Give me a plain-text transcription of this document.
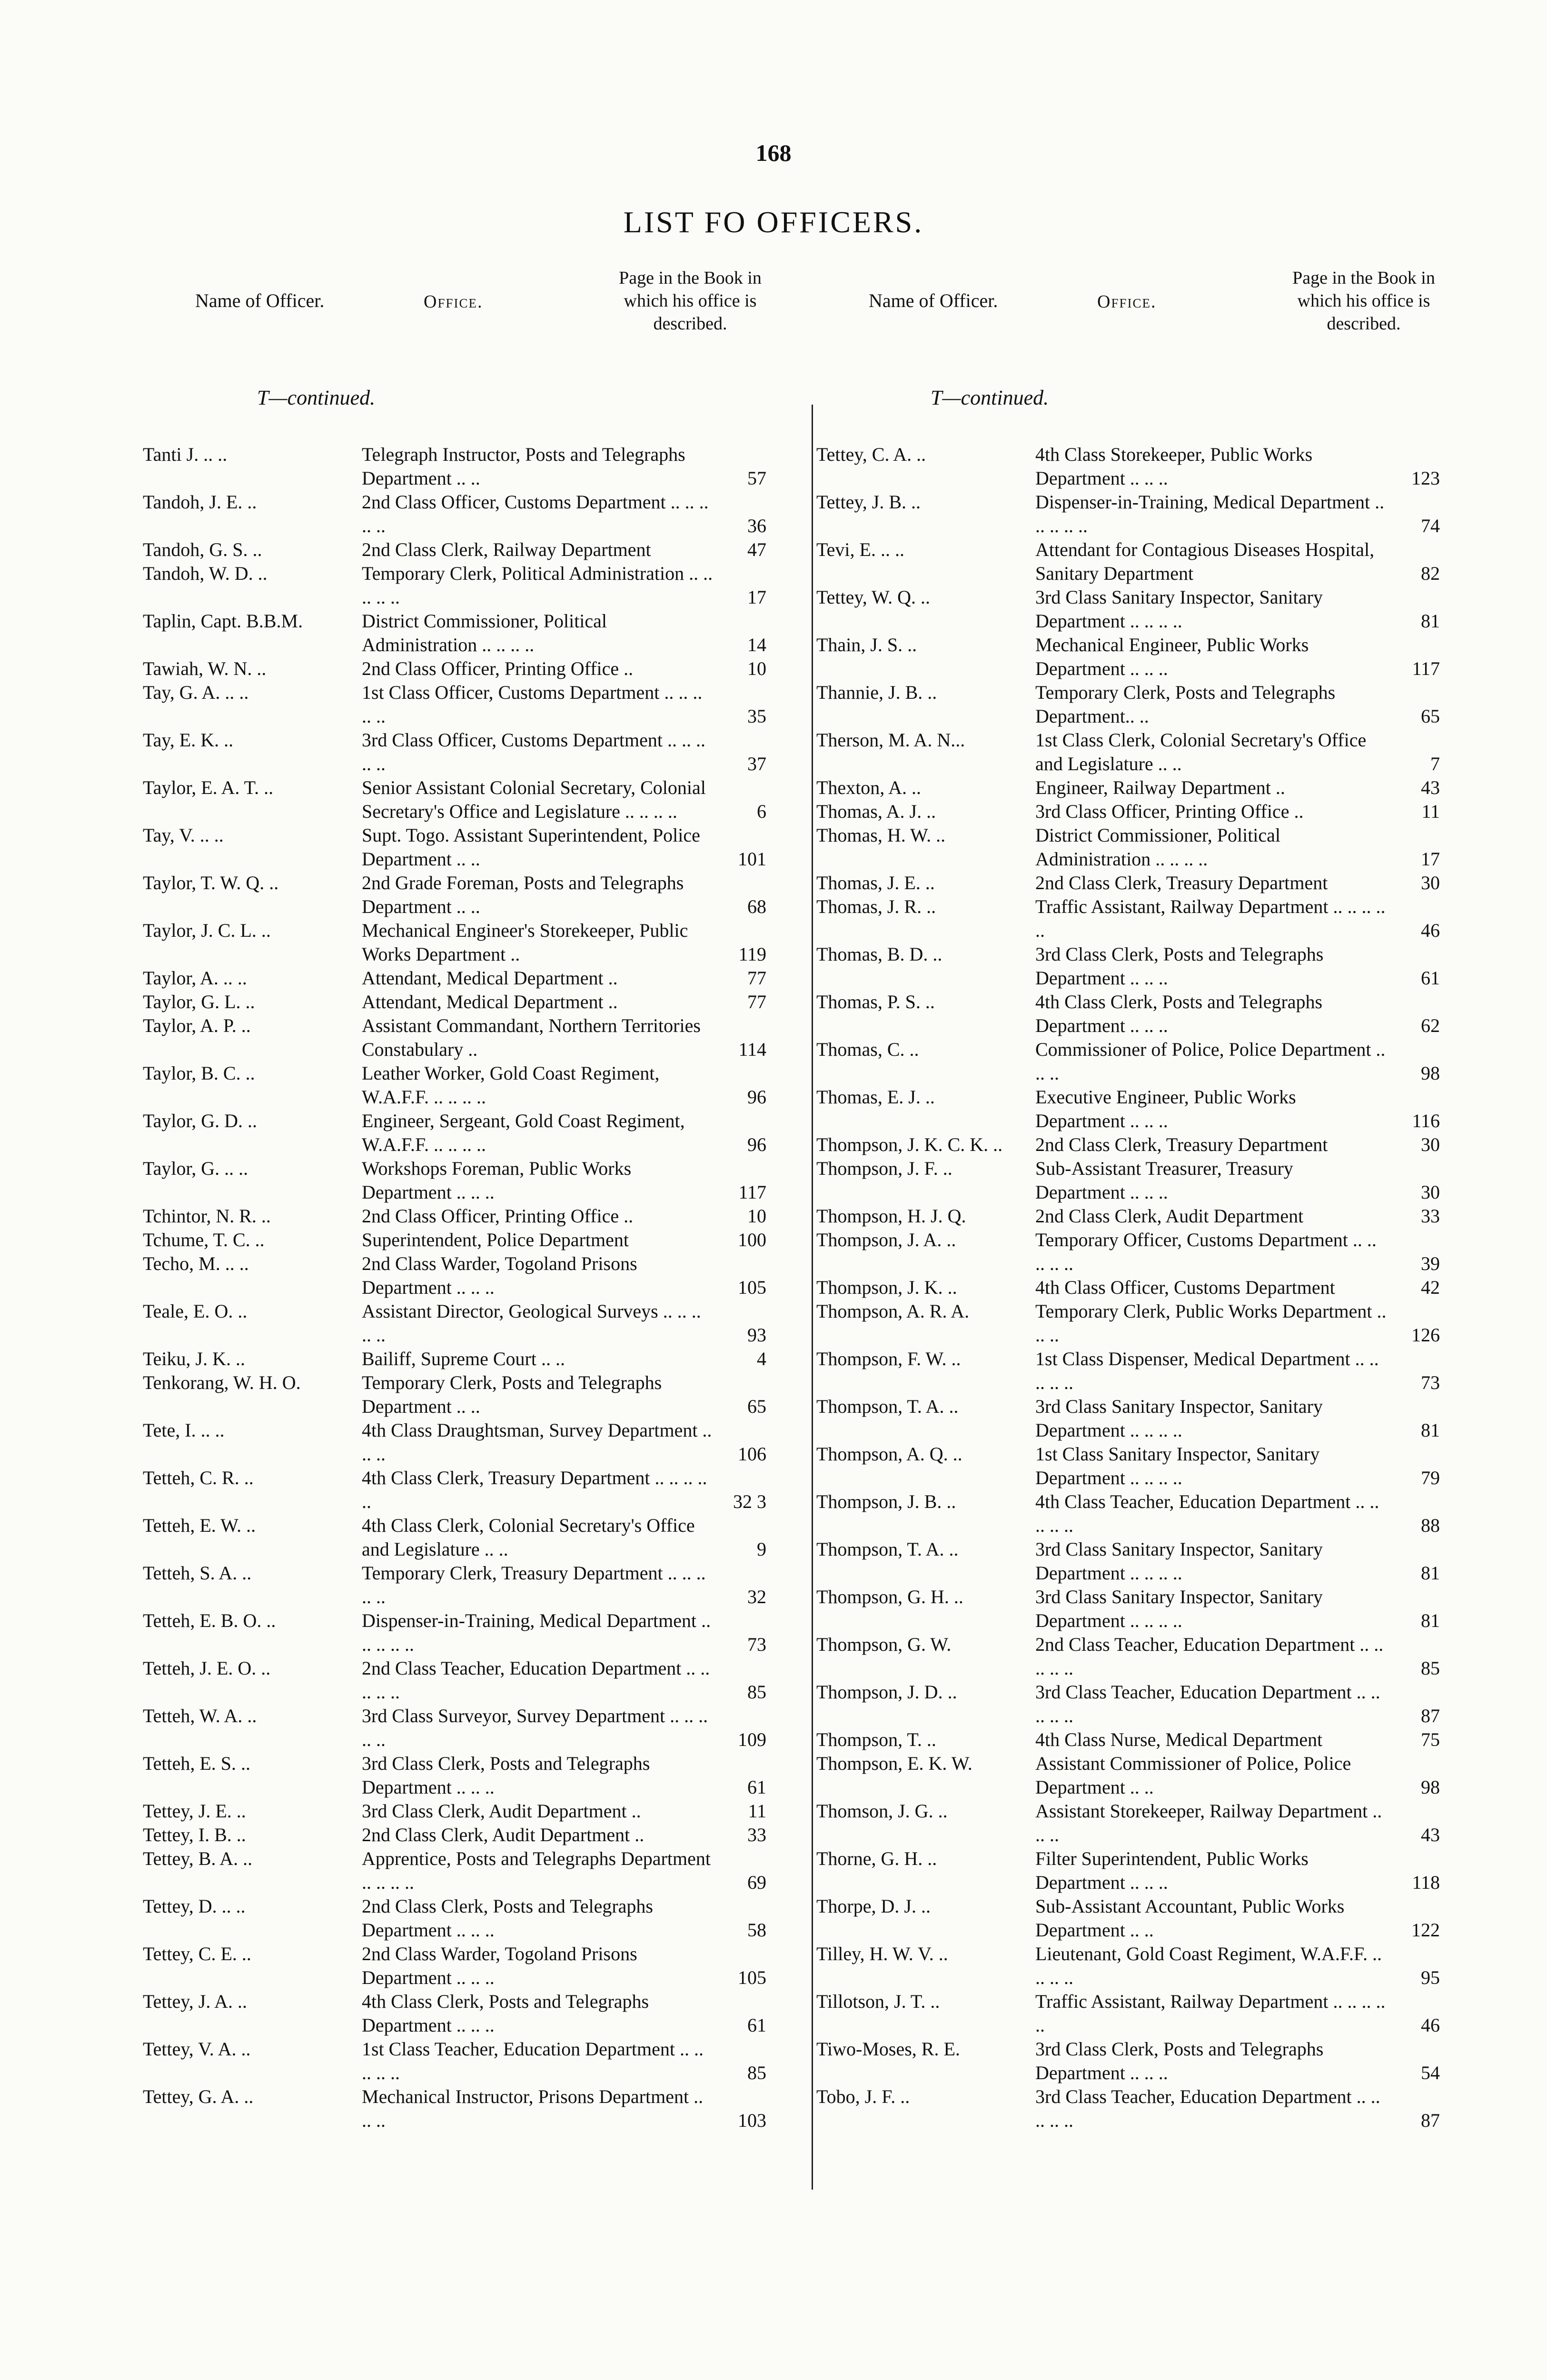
168
LIST FO OFFICERS.
Name of Officer.	Office.
Page in the Book in which his office is described.
T—continued.
Tanti J. .. ..	Telegraph Instructor, Posts and Telegraphs Department .. ..	57
Tandoh, J. E. ..	2nd Class Officer, Customs Department .. .. .. .. ..	36
Tandoh, G. S. ..	2nd Class Clerk, Railway Department	47
Tandoh, W. D. ..	Temporary Clerk, Political Administration .. .. .. .. ..	17
Taplin, Capt. B.B.M.	District Commissioner, Political Administration .. .. .. ..	14
Tawiah, W. N. ..	2nd Class Officer, Printing Office ..	10
Tay, G. A. .. ..	1st Class Officer, Customs Department .. .. .. .. ..	35
Tay, E. K. ..	3rd Class Officer, Customs Department .. .. .. .. ..	37
Taylor, E. A. T. ..	Senior Assistant Colonial Secretary, Colonial Secretary's Office and Legislature .. .. .. ..	6
Tay, V. .. ..	Supt. Togo. Assistant Superintendent, Police Department .. ..	101
Taylor, T. W. Q. ..	2nd Grade Foreman, Posts and Telegraphs Department .. ..	68
Taylor, J. C. L. ..	Mechanical Engineer's Storekeeper, Public Works Department ..	119
Taylor, A. .. ..	Attendant, Medical Department ..	77
Taylor, G. L. ..	Attendant, Medical Department ..	77
Taylor, A. P. ..	Assistant Commandant, Northern Territories Constabulary ..	114
Taylor, B. C. ..	Leather Worker, Gold Coast Regiment, W.A.F.F. .. .. .. ..	96
Taylor, G. D. ..	Engineer, Sergeant, Gold Coast Regiment, W.A.F.F. .. .. .. ..	96
Taylor, G. .. ..	Workshops Foreman, Public Works Department .. .. ..	117
Tchintor, N. R. ..	2nd Class Officer, Printing Office ..	10
Tchume, T. C. ..	Superintendent, Police Department	100
Techo, M. .. ..	2nd Class Warder, Togoland Prisons Department .. .. ..	105
Teale, E. O. ..	Assistant Director, Geological Surveys .. .. .. .. ..	93
Teiku, J. K. ..	Bailiff, Supreme Court .. ..	4
Tenkorang, W. H. O.	Temporary Clerk, Posts and Telegraphs Department .. ..	65
Tete, I. .. ..	4th Class Draughtsman, Survey Department .. .. ..	106
Tetteh, C. R. ..	4th Class Clerk, Treasury Department .. .. .. .. ..	32 3
Tetteh, E. W. ..	4th Class Clerk, Colonial Secretary's Office and Legislature .. ..	9
Tetteh, S. A. ..	Temporary Clerk, Treasury Department .. .. .. .. ..	32
Tetteh, E. B. O. ..	Dispenser-in-Training, Medical Department .. .. .. .. ..	73
Tetteh, J. E. O. ..	2nd Class Teacher, Education Department .. .. .. .. ..	85
Tetteh, W. A. ..	3rd Class Surveyor, Survey Department .. .. .. .. ..	109
Tetteh, E. S. ..	3rd Class Clerk, Posts and Telegraphs Department .. .. ..	61
Tettey, J. E. ..	3rd Class Clerk, Audit Department ..	11
Tettey, I. B. ..	2nd Class Clerk, Audit Department ..	33
Tettey, B. A. ..	Apprentice, Posts and Telegraphs Department .. .. .. ..	69
Tettey, D. .. ..	2nd Class Clerk, Posts and Telegraphs Department .. .. ..	58
Tettey, C. E. ..	2nd Class Warder, Togoland Prisons Department .. .. ..	105
Tettey, J. A. ..	4th Class Clerk, Posts and Telegraphs Department .. .. ..	61
Tettey, V. A. ..	1st Class Teacher, Education Department .. .. .. .. ..	85
Tettey, G. A. ..	Mechanical Instructor, Prisons Department .. .. ..	103
Name of Officer.	Office.
Page in the Book in which his office is described.
T—continued.
Tettey, C. A. ..	4th Class Storekeeper, Public Works Department .. .. ..	123
Tettey, J. B. ..	Dispenser-in-Training, Medical Department .. .. .. .. ..	74
Tevi, E. .. ..	Attendant for Contagious Diseases Hospital, Sanitary Department	82
Tettey, W. Q. ..	3rd Class Sanitary Inspector, Sanitary Department .. .. .. ..	81
Thain, J. S. ..	Mechanical Engineer, Public Works Department .. .. ..	117
Thannie, J. B. ..	Temporary Clerk, Posts and Telegraphs Department.. ..	65
Therson, M. A. N...	1st Class Clerk, Colonial Secretary's Office and Legislature .. ..	7
Thexton, A. ..	Engineer, Railway Department ..	43
Thomas, A. J. ..	3rd Class Officer, Printing Office ..	11
Thomas, H. W. ..	District Commissioner, Political Administration .. .. .. ..	17
Thomas, J. E. ..	2nd Class Clerk, Treasury Department	30
Thomas, J. R. ..	Traffic Assistant, Railway Department .. .. .. .. ..	46
Thomas, B. D. ..	3rd Class Clerk, Posts and Telegraphs Department .. .. ..	61
Thomas, P. S. ..	4th Class Clerk, Posts and Telegraphs Department .. .. ..	62
Thomas, C. ..	Commissioner of Police, Police Department .. .. ..	98
Thomas, E. J. ..	Executive Engineer, Public Works Department .. .. ..	116
Thompson, J. K. C. K. ..	2nd Class Clerk, Treasury Department	30
Thompson, J. F. ..	Sub-Assistant Treasurer, Treasury Department .. .. ..	30
Thompson, H. J. Q.	2nd Class Clerk, Audit Department	33
Thompson, J. A. ..	Temporary Officer, Customs Department .. .. .. .. ..	39
Thompson, J. K. ..	4th Class Officer, Customs Department	42
Thompson, A. R. A.	Temporary Clerk, Public Works Department .. .. ..	126
Thompson, F. W. ..	1st Class Dispenser, Medical Department .. .. .. .. ..	73
Thompson, T. A. ..	3rd Class Sanitary Inspector, Sanitary Department .. .. .. ..	81
Thompson, A. Q. ..	1st Class Sanitary Inspector, Sanitary Department .. .. .. ..	79
Thompson, J. B. ..	4th Class Teacher, Education Department .. .. .. .. ..	88
Thompson, T. A. ..	3rd Class Sanitary Inspector, Sanitary Department .. .. .. ..	81
Thompson, G. H. ..	3rd Class Sanitary Inspector, Sanitary Department .. .. .. ..	81
Thompson, G. W.	2nd Class Teacher, Education Department .. .. .. .. ..	85
Thompson, J. D. ..	3rd Class Teacher, Education Department .. .. .. .. ..	87
Thompson, T. ..	4th Class Nurse, Medical Department	75
Thompson, E. K. W.	Assistant Commissioner of Police, Police Department .. ..	98
Thomson, J. G. ..	Assistant Storekeeper, Railway Department .. .. ..	43
Thorne, G. H. ..	Filter Superintendent, Public Works Department .. .. ..	118
Thorpe, D. J. ..	Sub-Assistant Accountant, Public Works Department .. ..	122
Tilley, H. W. V. ..	Lieutenant, Gold Coast Regiment, W.A.F.F. .. .. .. ..	95
Tillotson, J. T. ..	Traffic Assistant, Railway Department .. .. .. .. ..	46
Tiwo-Moses, R. E.	3rd Class Clerk, Posts and Telegraphs Department .. .. ..	54
Tobo, J. F. ..	3rd Class Teacher, Education Department .. .. .. .. ..	87
